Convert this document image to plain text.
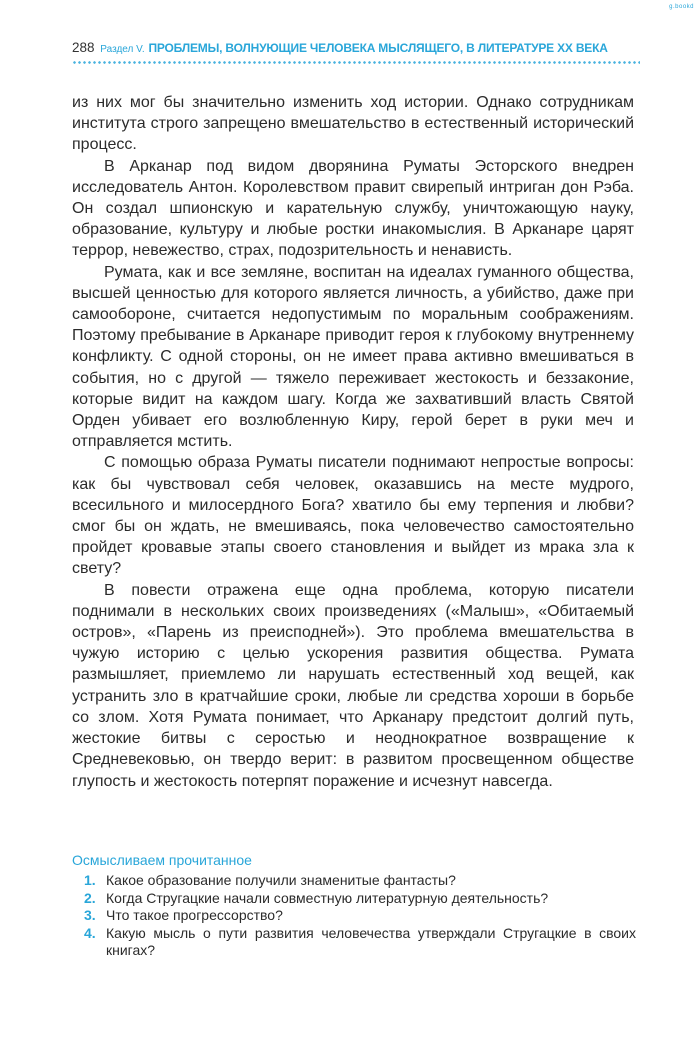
g.bookd
288 Раздел V. ПРОБЛЕМЫ, ВОЛНУЮЩИЕ ЧЕЛОВЕКА МЫСЛЯЩЕГО, В ЛИТЕРАТУРЕ XX ВЕКА

из них мог бы значительно изменить ход истории. Однако сотрудникам института строго запрещено вмешательство в естественный исторический процесс.

В Арканар под видом дворянина Руматы Эсторского внедрен исследователь Антон. Королевством правит свирепый интриган дон Рэба. Он создал шпионскую и карательную службу, уничтожающую науку, образование, культуру и любые ростки инакомыслия. В Арканаре царят террор, невежество, страх, подозрительность и ненависть.

Румата, как и все земляне, воспитан на идеалах гуманного общества, высшей ценностью для которого является личность, а убийство, даже при самообороне, считается недопустимым по моральным соображениям. Поэтому пребывание в Арканаре приводит героя к глубокому внутреннему конфликту. С одной стороны, он не имеет права активно вмешиваться в события, но с другой — тяжело переживает жестокость и беззаконие, которые видит на каждом шагу. Когда же захвативший власть Святой Орден убивает его возлюбленную Киру, герой берет в руки меч и отправляется мстить.

С помощью образа Руматы писатели поднимают непростые вопросы: как бы чувствовал себя человек, оказавшись на месте мудрого, всесильного и милосердного Бога? хватило бы ему терпения и любви? смог бы он ждать, не вмешиваясь, пока человечество самостоятельно пройдет кровавые этапы своего становления и выйдет из мрака зла к свету?

В повести отражена еще одна проблема, которую писатели поднимали в нескольких своих произведениях («Малыш», «Обитаемый остров», «Парень из преисподней»). Это проблема вмешательства в чужую историю с целью ускорения развития общества. Румата размышляет, приемлемо ли нарушать естественный ход вещей, как устранить зло в кратчайшие сроки, любые ли средства хороши в борьбе со злом. Хотя Румата понимает, что Арканару предстоит долгий путь, жестокие битвы с серостью и неоднократное возвращение к Средневековью, он твердо верит: в развитом просвещенном обществе глупость и жестокость потерпят поражение и исчезнут навсегда.

Осмысливаем прочитанное
1. Какое образование получили знаменитые фантасты?
2. Когда Стругацкие начали совместную литературную деятельность?
3. Что такое прогрессорство?
4. Какую мысль о пути развития человечества утверждали Стругацкие в своих книгах?
